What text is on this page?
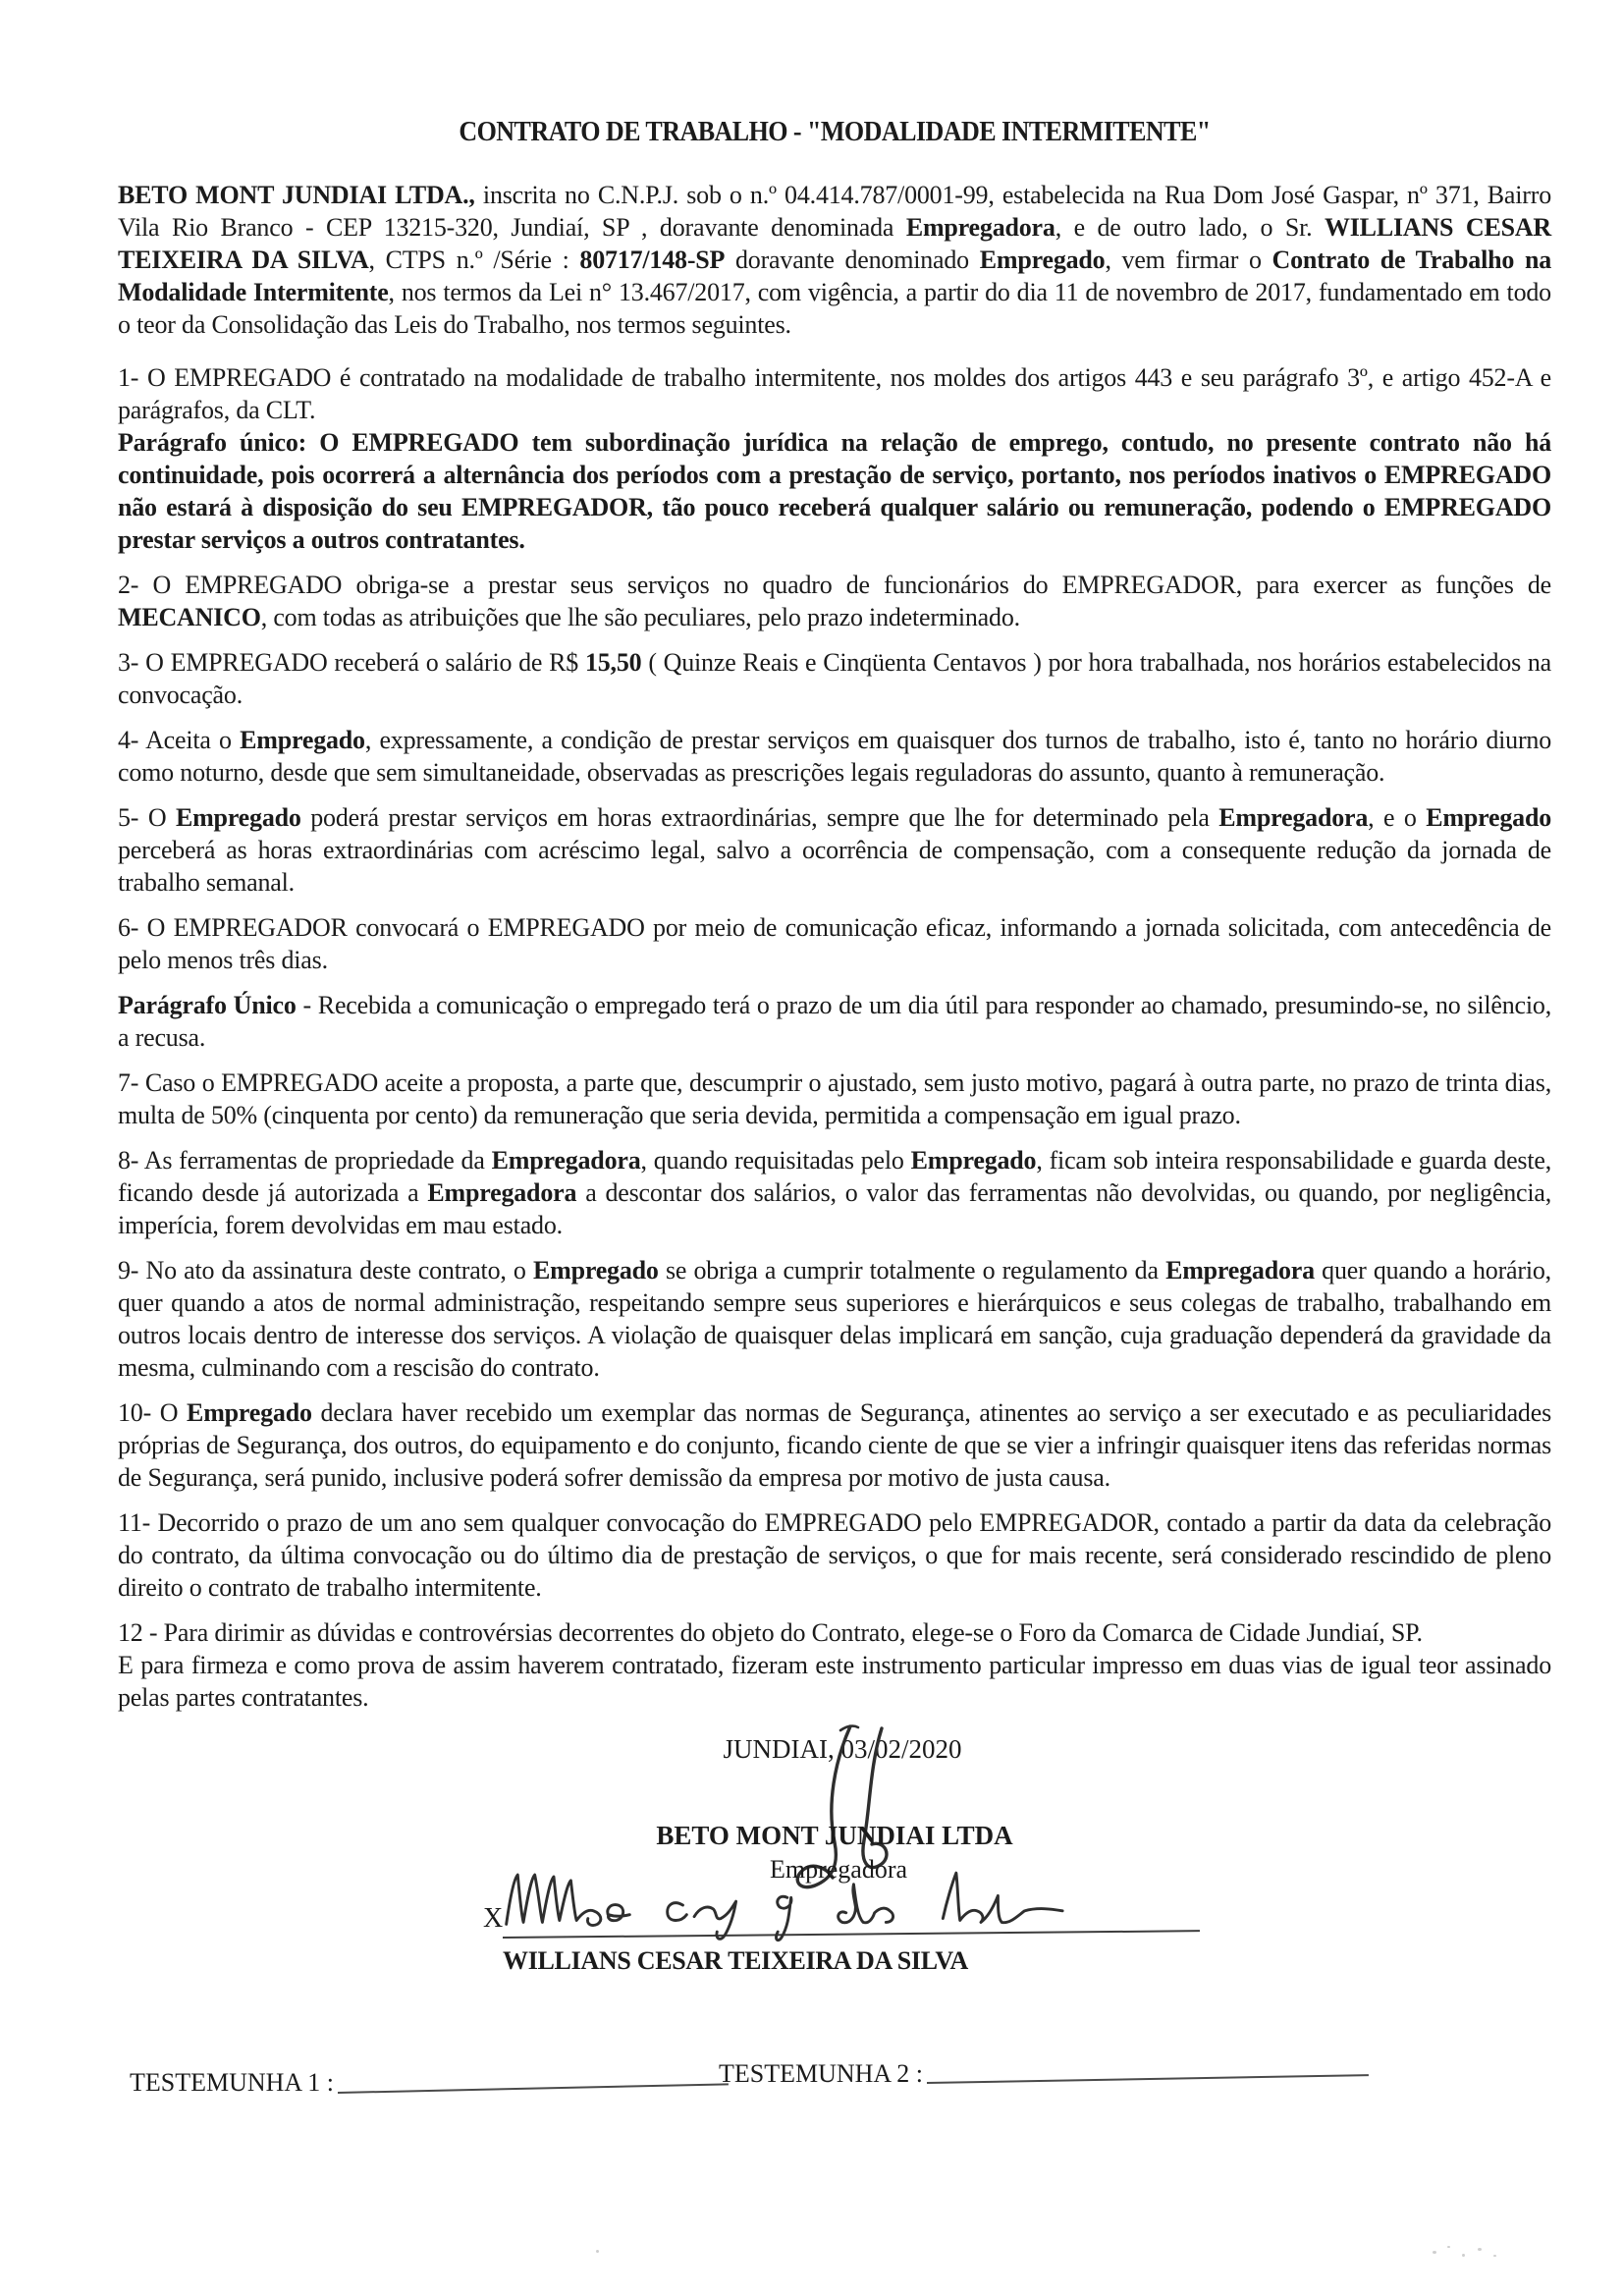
CONTRATO DE TRABALHO - "MODALIDADE INTERMITENTE"

BETO MONT JUNDIAI LTDA., inscrita no C.N.P.J. sob o n.º 04.414.787/0001-99, estabelecida na Rua Dom José Gaspar, nº 371, Bairro Vila Rio Branco - CEP 13215-320, Jundiaí, SP , doravante denominada Empregadora, e de outro lado, o Sr. WILLIANS CESAR TEIXEIRA DA SILVA, CTPS n.º /Série : 80717/148-SP doravante denominado Empregado, vem firmar o Contrato de Trabalho na Modalidade Intermitente, nos termos da Lei n° 13.467/2017, com vigência, a partir do dia 11 de novembro de 2017, fundamentado em todo o teor da Consolidação das Leis do Trabalho, nos termos seguintes.

1- O EMPREGADO é contratado na modalidade de trabalho intermitente, nos moldes dos artigos 443 e seu parágrafo 3º, e artigo 452-A e parágrafos, da CLT.

Parágrafo único: O EMPREGADO tem subordinação jurídica na relação de emprego, contudo, no presente contrato não há continuidade, pois ocorrerá a alternância dos períodos com a prestação de serviço, portanto, nos períodos inativos o EMPREGADO não estará à disposição do seu EMPREGADOR, tão pouco receberá qualquer salário ou remuneração, podendo o EMPREGADO prestar serviços a outros contratantes.

2- O EMPREGADO obriga-se a prestar seus serviços no quadro de funcionários do EMPREGADOR, para exercer as funções de MECANICO, com todas as atribuições que lhe são peculiares, pelo prazo indeterminado.

3- O EMPREGADO receberá o salário de R$ 15,50 ( Quinze Reais e Cinqüenta Centavos ) por hora trabalhada, nos horários estabelecidos na convocação.

4- Aceita o Empregado, expressamente, a condição de prestar serviços em quaisquer dos turnos de trabalho, isto é, tanto no horário diurno como noturno, desde que sem simultaneidade, observadas as prescrições legais reguladoras do assunto, quanto à remuneração.

5- O Empregado poderá prestar serviços em horas extraordinárias, sempre que lhe for determinado pela Empregadora, e o Empregado perceberá as horas extraordinárias com acréscimo legal, salvo a ocorrência de compensação, com a consequente redução da jornada de trabalho semanal.

6- O EMPREGADOR convocará o EMPREGADO por meio de comunicação eficaz, informando a jornada solicitada, com antecedência de pelo menos três dias.

Parágrafo Único - Recebida a comunicação o empregado terá o prazo de um dia útil para responder ao chamado, presumindo-se, no silêncio, a recusa.

7- Caso o EMPREGADO aceite a proposta, a parte que, descumprir o ajustado, sem justo motivo, pagará à outra parte, no prazo de trinta dias, multa de 50% (cinquenta por cento) da remuneração que seria devida, permitida a compensação em igual prazo.

8- As ferramentas de propriedade da Empregadora, quando requisitadas pelo Empregado, ficam sob inteira responsabilidade e guarda deste, ficando desde já autorizada a Empregadora a descontar dos salários, o valor das ferramentas não devolvidas, ou quando, por negligência, imperícia, forem devolvidas em mau estado.

9- No ato da assinatura deste contrato, o Empregado se obriga a cumprir totalmente o regulamento da Empregadora quer quando a horário, quer quando a atos de normal administração, respeitando sempre seus superiores e hierárquicos e seus colegas de trabalho, trabalhando em outros locais dentro de interesse dos serviços. A violação de quaisquer delas implicará em sanção, cuja graduação dependerá da gravidade da mesma, culminando com a rescisão do contrato.

10- O Empregado declara haver recebido um exemplar das normas de Segurança, atinentes ao serviço a ser executado e as peculiaridades próprias de Segurança, dos outros, do equipamento e do conjunto, ficando ciente de que se vier a infringir quaisquer itens das referidas normas de Segurança, será punido, inclusive poderá sofrer demissão da empresa por motivo de justa causa.

11- Decorrido o prazo de um ano sem qualquer convocação do EMPREGADO pelo EMPREGADOR, contado a partir da data da celebração do contrato, da última convocação ou do último dia de prestação de serviços, o que for mais recente, será considerado rescindido de pleno direito o contrato de trabalho intermitente.

12 - Para dirimir as dúvidas e controvérsias decorrentes do objeto do Contrato, elege-se o Foro da Comarca de Cidade Jundiaí, SP.

E para firmeza e como prova de assim haverem contratado, fizeram este instrumento particular impresso em duas vias de igual teor assinado pelas partes contratantes.

JUNDIAI, 03/02/2020
BETO MONT JUNDIAI LTDA
Empregadora
X
WILLIANS CESAR TEIXEIRA DA SILVA
TESTEMUNHA 1 :	TESTEMUNHA 2 :
